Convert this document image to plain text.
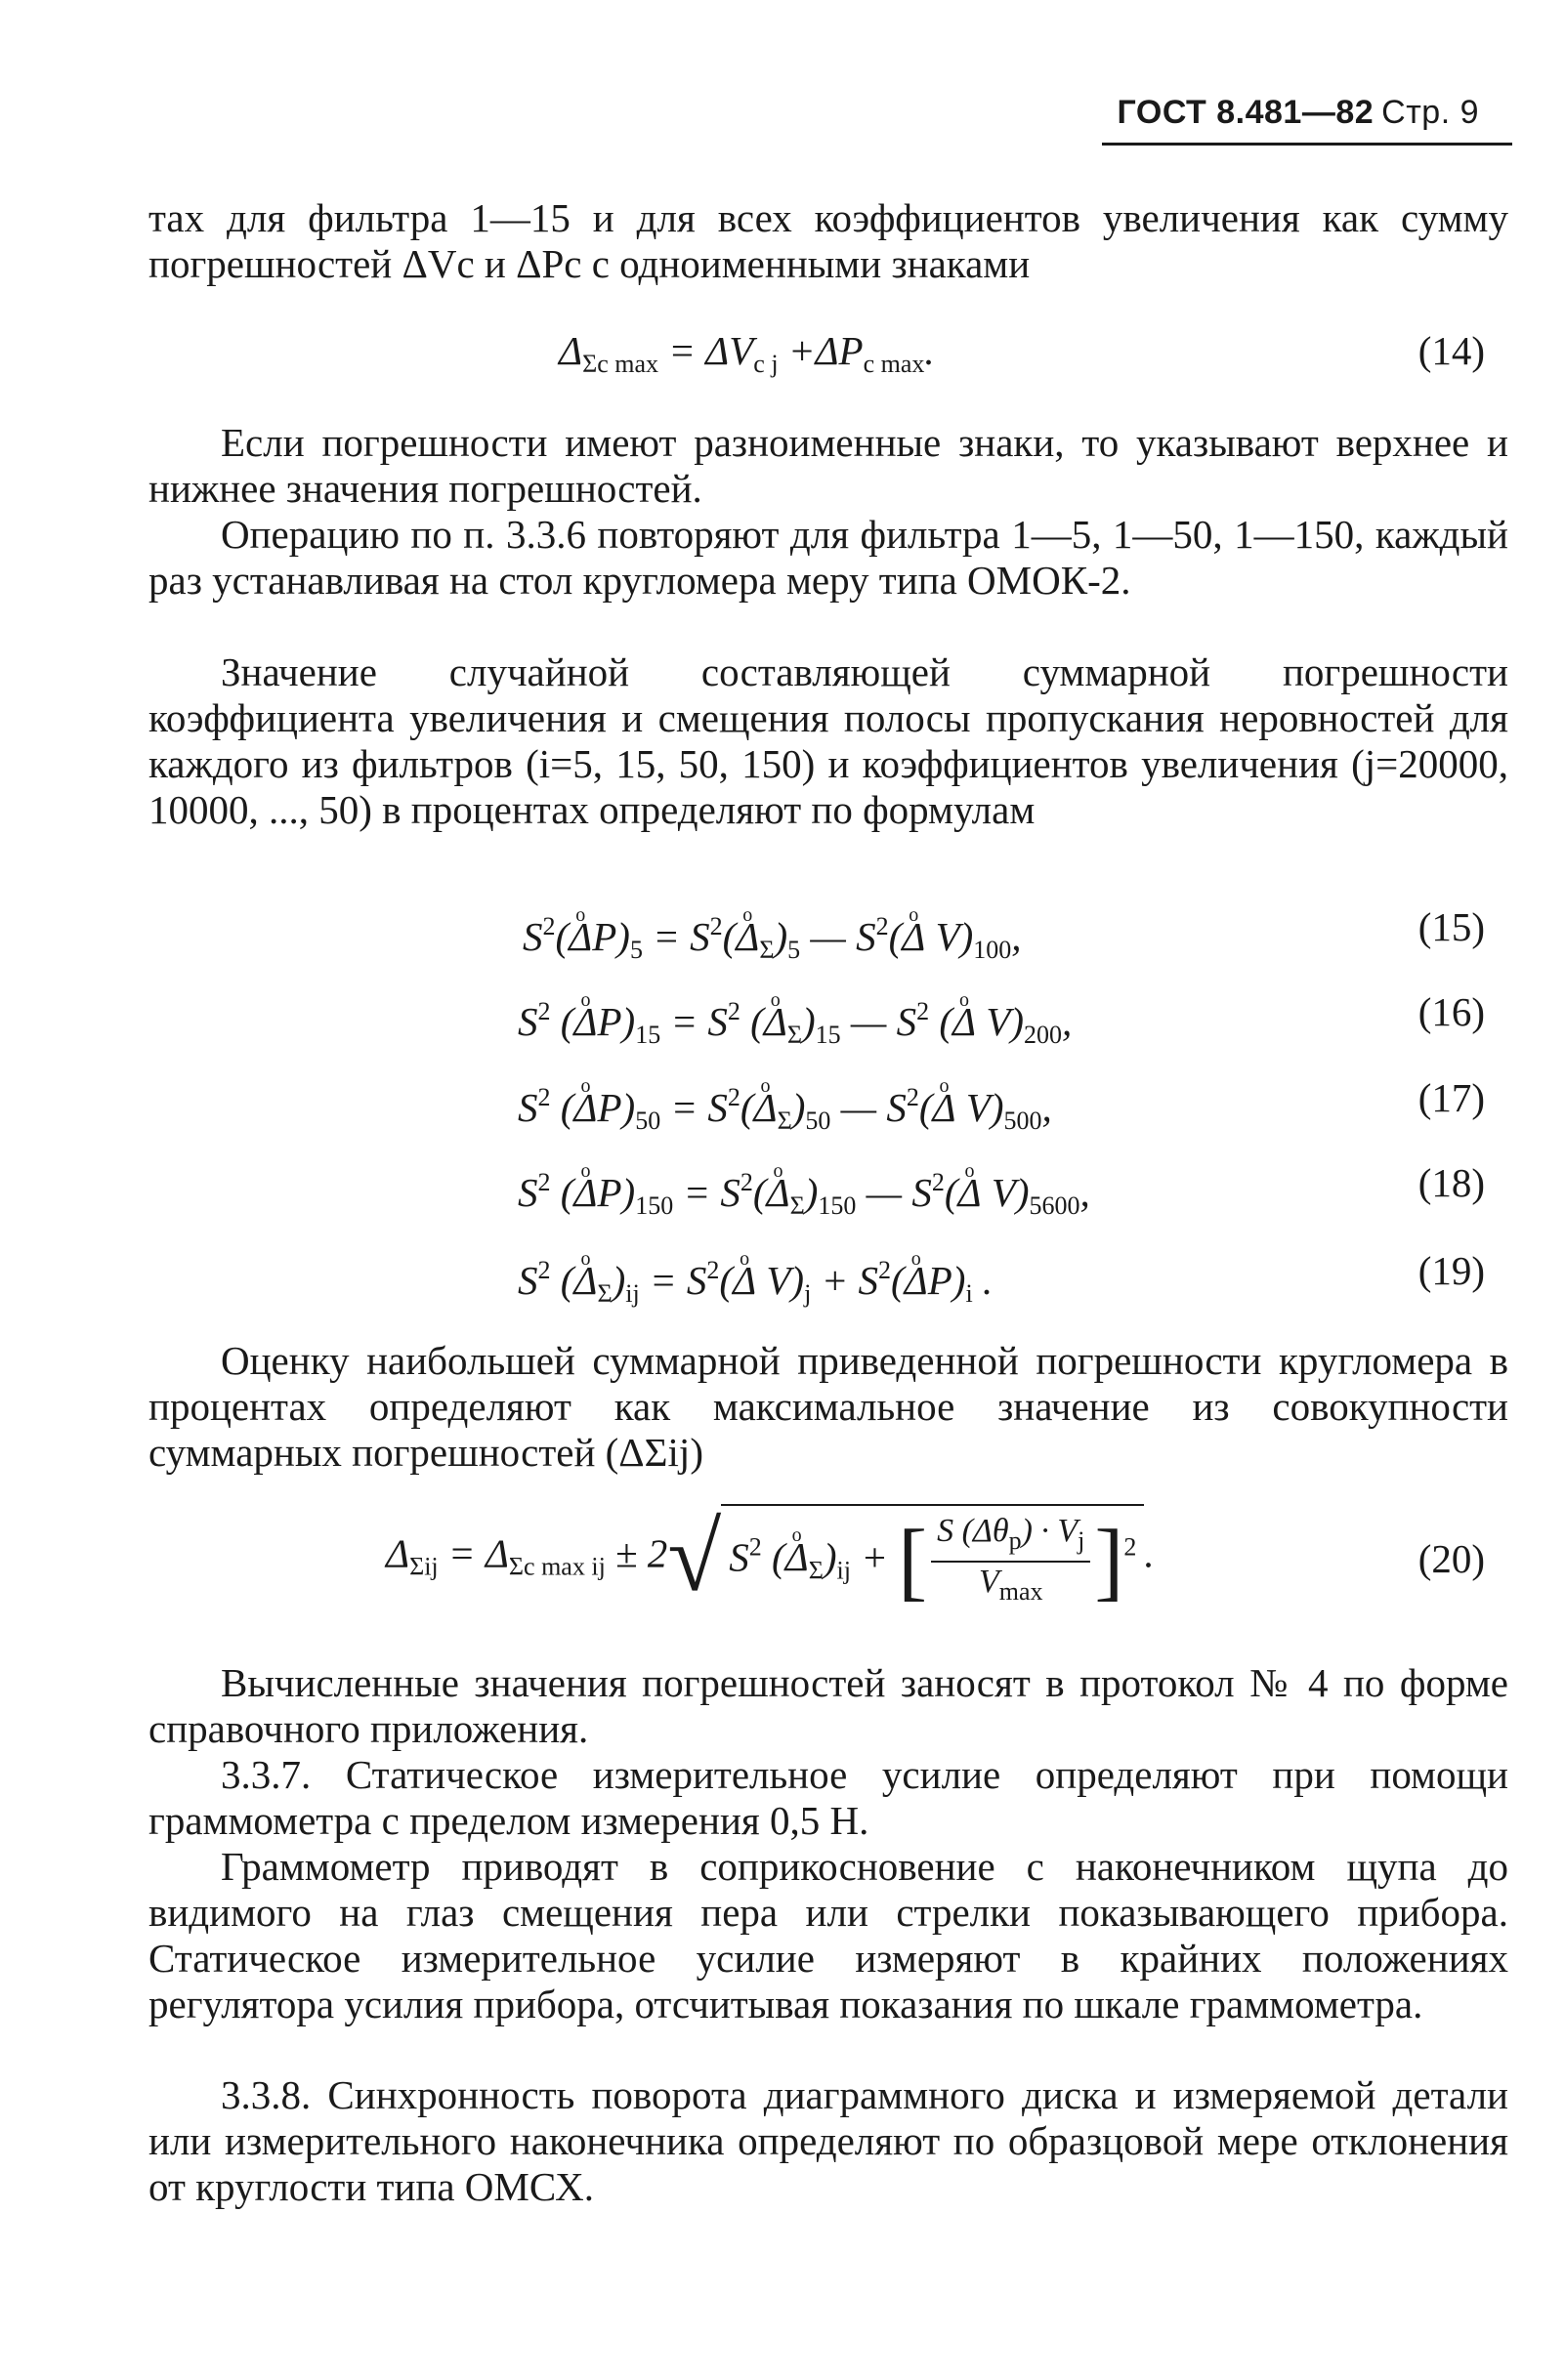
ГОСТ 8.481—82 Стр. 9
тах для фильтра 1—15 и для всех коэффициентов увеличения как сумму погрешностей ΔVc и ΔPc с одноименными знаками
$\Delta_{\Sigma c max} = \Delta V_{c j} +\Delta P_{c max}$.	(14)
Если погрешности имеют разноименные знаки, то указывают верхнее и нижнее значения погрешностей.
Операцию по п. 3.3.6 повторяют для фильтра 1—5, 1—50, 1—150, каждый раз устанавливая на стол кругломера меру типа ОМОК-2.
Значение случайной составляющей суммарной погрешности коэффициента увеличения и смещения полосы пропускания неровностей для каждого из фильтров (i=5, 15, 50, 150) и коэффициентов увеличения (j=20000, 10000, ..., 50) в процентах определяют по формулам
$S^2(o$ $\Delta P)_5 = S^2(o$ $\Delta_\Sigma)_5$ — $S^2(o$ Δ $V)_{100}$,	(15)
$S^2$ (o $\Delta P)_{15} = S^2$ (o $\Delta_\Sigma)_{15}$ — $S^2$ (o Δ $V)_{200}$,	(16)
$S^2$ (o $\Delta P)_{50} = S^2(o$ $\Delta_\Sigma)_{50}$ — $S^2(o$ Δ $V)_{500}$,	(17)
$S^2$ (o $\Delta P)_{150} = S^2(o$ $\Delta_\Sigma)_{150}$ — $S^2(o$ Δ $V)_{5600}$,	(18)
$S^2$ (o $\Delta_\Sigma)_{ij} = S^2(o$ Δ $V)_j + S^2(o$ $\Delta P)_i$ .	(19)
Оценку наибольшей суммарной приведенной погрешности кругломера в процентах определяют как максимальное значение из совокупности суммарных погрешностей (ΔΣij)
$\Delta_{\Sigma ij} = \Delta_{\Sigma c max ij} \pm 2√$ $S^2$ (o $\Delta_\Sigma)_{ij}$ + [ $\frac{S (\Delta\theta_p) \cdot V_j}{V_{max}} ]^2$ .	(20)
Вычисленные значения погрешностей заносят в протокол № 4 по форме справочного приложения.
3.3.7. Статическое измерительное усилие определяют при помощи граммометра с пределом измерения 0,5 Н.
Граммометр приводят в соприкосновение с наконечником щупа до видимого на глаз смещения пера или стрелки показывающего прибора. Статическое измерительное усилие измеряют в крайних положениях регулятора усилия прибора, отсчитывая показания по шкале граммометра.
3.3.8. Синхронность поворота диаграммного диска и измеряемой детали или измерительного наконечника определяют по образцовой мере отклонения от круглости типа ОМСХ.
